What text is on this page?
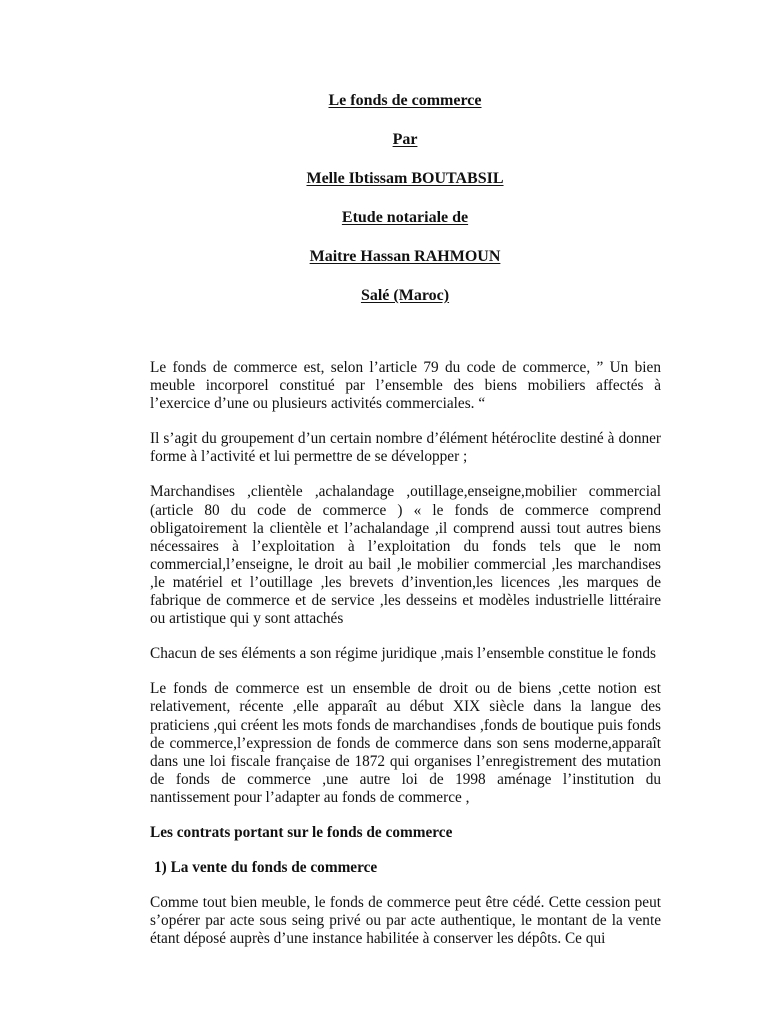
Le fonds de commerce
Par
Melle Ibtissam BOUTABSIL
Etude notariale de
Maitre Hassan RAHMOUN
Salé (Maroc)

Le fonds de commerce est, selon l’article 79 du code de commerce, ” Un bien meuble incorporel constitué par l’ensemble des biens mobiliers affectés à l’exercice d’une ou plusieurs activités commerciales. “

Il s’agit du groupement d’un certain nombre d’élément hétéroclite destiné à donner forme à l’activité et lui permettre de se développer ;

Marchandises ,clientèle ,achalandage ,outillage,enseigne,mobilier commercial (article 80 du code de commerce ) « le fonds de commerce comprend obligatoirement la clientèle et l’achalandage ,il comprend aussi tout autres biens nécessaires à l’exploitation à l’exploitation du fonds tels que le nom commercial,l’enseigne, le droit au bail ,le mobilier commercial ,les marchandises ,le matériel et l’outillage ,les brevets d’invention,les licences ,les marques de fabrique de commerce et de service ,les desseins et modèles industrielle littéraire ou artistique qui y sont attachés

Chacun de ses éléments a son régime juridique ,mais l’ensemble constitue le fonds

Le fonds de commerce est un ensemble de droit ou de biens ,cette notion est relativement, récente ,elle apparaît au début XIX siècle dans la langue des praticiens ,qui créent les mots fonds de marchandises ,fonds de boutique puis fonds de commerce,l’expression de fonds de commerce dans son sens moderne,apparaît dans une loi fiscale française de 1872 qui organises l’enregistrement des mutation de fonds de commerce ,une autre loi de 1998 aménage l’institution du nantissement pour l’adapter au fonds de commerce ,

Les contrats portant sur le fonds de commerce
1) La vente du fonds de commerce

Comme tout bien meuble, le fonds de commerce peut être cédé. Cette cession peut s’opérer par acte sous seing privé ou par acte authentique, le montant de la vente étant déposé auprès d’une instance habilitée à conserver les dépôts. Ce qui
